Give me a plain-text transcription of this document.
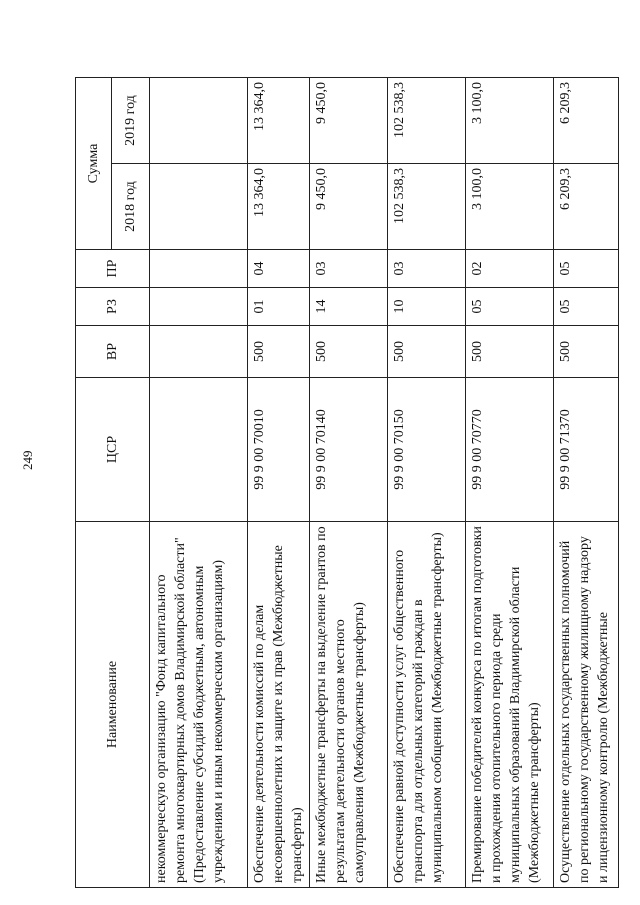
249
Наименование	ЦСР	ВР	РЗ	ПР	Сумма	
					2018 год	2019 год
некоммерческую организацию "Фонд капитального ремонта многоквартирных домов Владимирской области" (Предоставление субсидий бюджетным, автономным учреждениям и иным некоммерческим организациям)						
Обеспечение деятельности комиссий по делам несовершеннолетних и защите их прав (Межбюджетные трансферты)	99 9 00 70010	500	01	04	13 364,0	13 364,0
Иные межбюджетные трансферты на выделение грантов по результатам деятельности органов местного самоуправления (Межбюджетные трансферты)	99 9 00 70140	500	14	03	9 450,0	9 450,0
Обеспечение равной доступности услуг общественного транспорта для отдельных категорий граждан в муниципальном сообщении (Межбюджетные трансферты)	99 9 00 70150	500	10	03	102 538,3	102 538,3
Премирование победителей конкурса по итогам подготовки и прохождения отопительного периода среди муниципальных образований Владимирской области (Межбюджетные трансферты)	99 9 00 70770	500	05	02	3 100,0	3 100,0
Осуществление отдельных государственных полномочий по региональному государственному жилищному надзору и лицензионному контролю (Межбюджетные	99 9 00 71370	500	05	05	6 209,3	6 209,3
